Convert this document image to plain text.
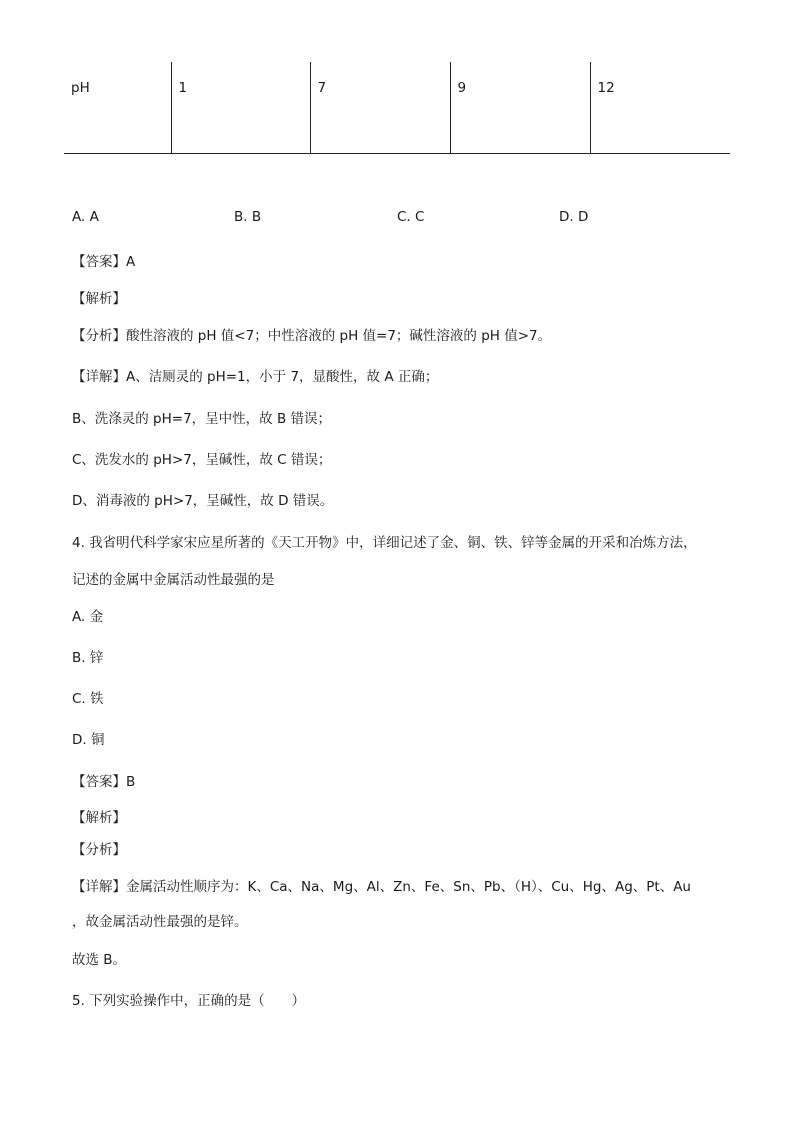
pH	1	7	9	12
A. A	B. B	C. C	D. D
【答案】A
【解析】
【分析】酸性溶液的 pH 值<7；中性溶液的 pH 值=7；碱性溶液的 pH 值>7。
【详解】A、洁厕灵的 pH=1，小于 7，显酸性，故 A 正确；
B、洗涤灵的 pH=7，呈中性，故 B 错误；
C、洗发水的 pH>7，呈碱性，故 C 错误；
D、消毒液的 pH>7，呈碱性，故 D 错误。
4. 我省明代科学家宋应星所著的《天工开物》中，详细记述了金、铜、铁、锌等金属的开采和冶炼方法，
记述的金属中金属活动性最强的是
A. 金
B. 锌
C. 铁
D. 铜
【答案】B
【解析】
【分析】
【详解】金属活动性顺序为：K、Ca、Na、Mg、Al、Zn、Fe、Sn、Pb、（H）、Cu、Hg、Ag、Pt、Au
，故金属活动性最强的是锌。
故选 B。
5. 下列实验操作中，正确的是（　　）
